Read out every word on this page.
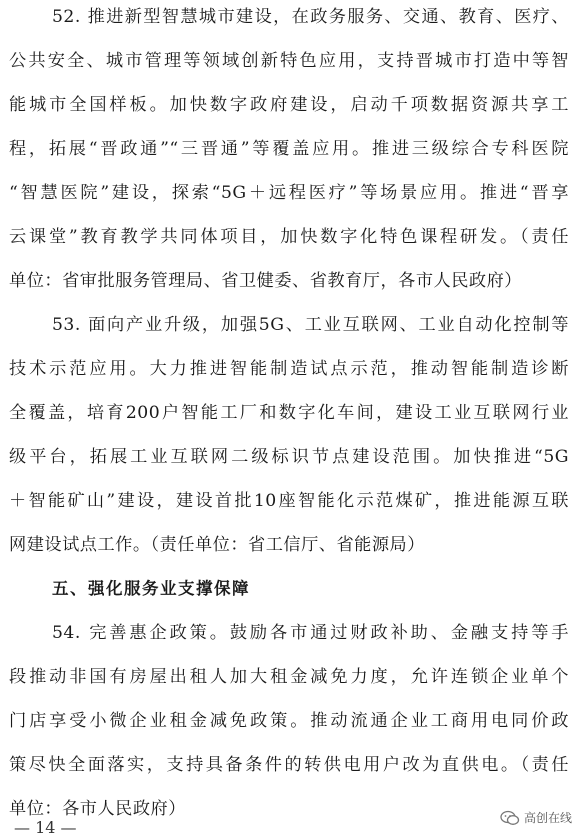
52. 推进新型智慧城市建设，在政务服务、交通、教育、医疗、
公共安全、城市管理等领域创新特色应用，支持晋城市打造中等智
能城市全国样板。加快数字政府建设，启动千项数据资源共享工
程，拓展“晋政通”“三晋通”等覆盖应用。推进三级综合专科医院
“智慧医院”建设，探索“5G＋远程医疗”等场景应用。推进“晋享
云课堂”教育教学共同体项目，加快数字化特色课程研发。（责任
单位：省审批服务管理局、省卫健委、省教育厅，各市人民政府）
53. 面向产业升级，加强5G、工业互联网、工业自动化控制等
技术示范应用。大力推进智能制造试点示范，推动智能制造诊断
全覆盖，培育200户智能工厂和数字化车间，建设工业互联网行业
级平台，拓展工业互联网二级标识节点建设范围。加快推进“5G
＋智能矿山”建设，建设首批10座智能化示范煤矿，推进能源互联
网建设试点工作。（责任单位：省工信厅、省能源局）
五、强化服务业支撑保障
54. 完善惠企政策。鼓励各市通过财政补助、金融支持等手
段推动非国有房屋出租人加大租金减免力度，允许连锁企业单个
门店享受小微企业租金减免政策。推动流通企业工商用电同价政
策尽快全面落实，支持具备条件的转供电用户改为直供电。（责任
单位：各市人民政府）
— 14 —	高创在线
